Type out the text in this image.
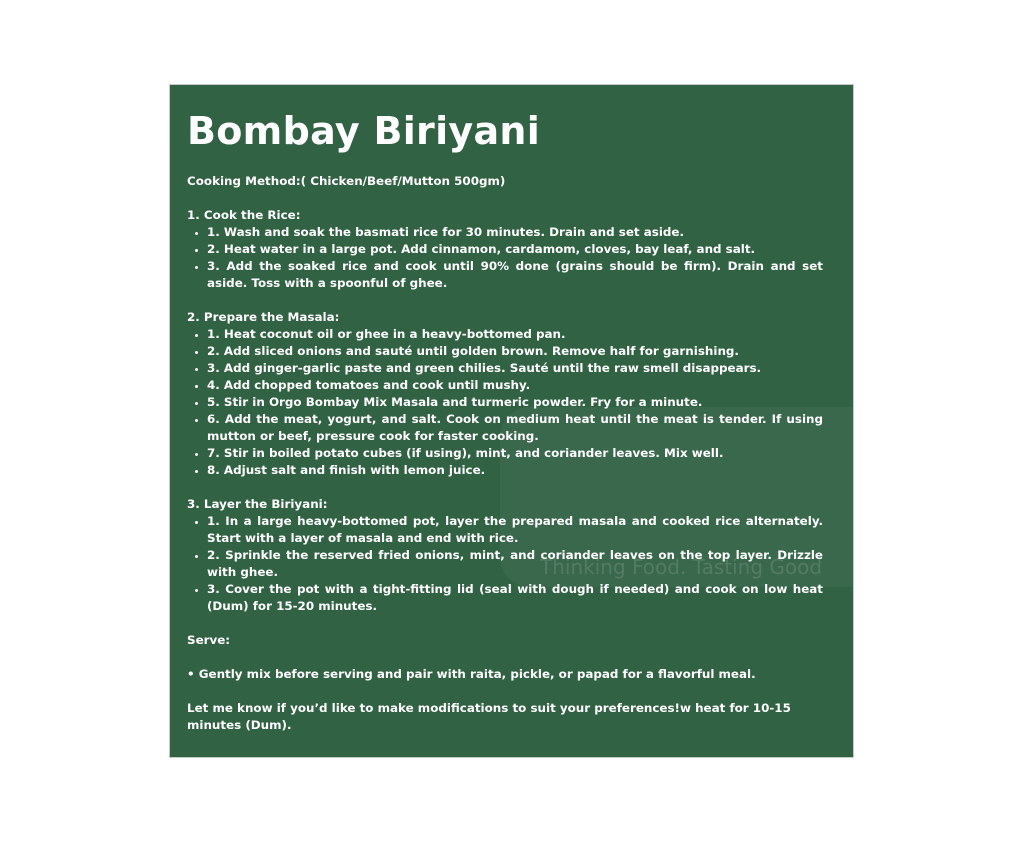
Thinking Food. Tasting Good
Bombay Biriyani

Cooking Method:( Chicken/Beef/Mutton 500gm)

1. Cook the Rice:

• 1. Wash and soak the basmati rice for 30 minutes. Drain and set aside.
• 2. Heat water in a large pot. Add cinnamon, cardamom, cloves, bay leaf, and salt.
• 3. Add the soaked rice and cook until 90% done (grains should be firm). Drain and set aside. Toss with a spoonful of ghee.

2. Prepare the Masala:

• 1. Heat coconut oil or ghee in a heavy-bottomed pan.
• 2. Add sliced onions and sauté until golden brown. Remove half for garnishing.
• 3. Add ginger-garlic paste and green chilies. Sauté until the raw smell disappears.
• 4. Add chopped tomatoes and cook until mushy.
• 5. Stir in Orgo Bombay Mix Masala and turmeric powder. Fry for a minute.
• 6. Add the meat, yogurt, and salt. Cook on medium heat until the meat is tender. If using mutton or beef, pressure cook for faster cooking.
• 7. Stir in boiled potato cubes (if using), mint, and coriander leaves. Mix well.
• 8. Adjust salt and finish with lemon juice.

3. Layer the Biriyani:

• 1. In a large heavy-bottomed pot, layer the prepared masala and cooked rice alternately. Start with a layer of masala and end with rice.
• 2. Sprinkle the reserved fried onions, mint, and coriander leaves on the top layer. Drizzle with ghee.
• 3. Cover the pot with a tight-fitting lid (seal with dough if needed) and cook on low heat (Dum) for 15-20 minutes.

Serve:

• Gently mix before serving and pair with raita, pickle, or papad for a flavorful meal.

Let me know if you’d like to make modifications to suit your preferences!w heat for 10-15 minutes (Dum).
